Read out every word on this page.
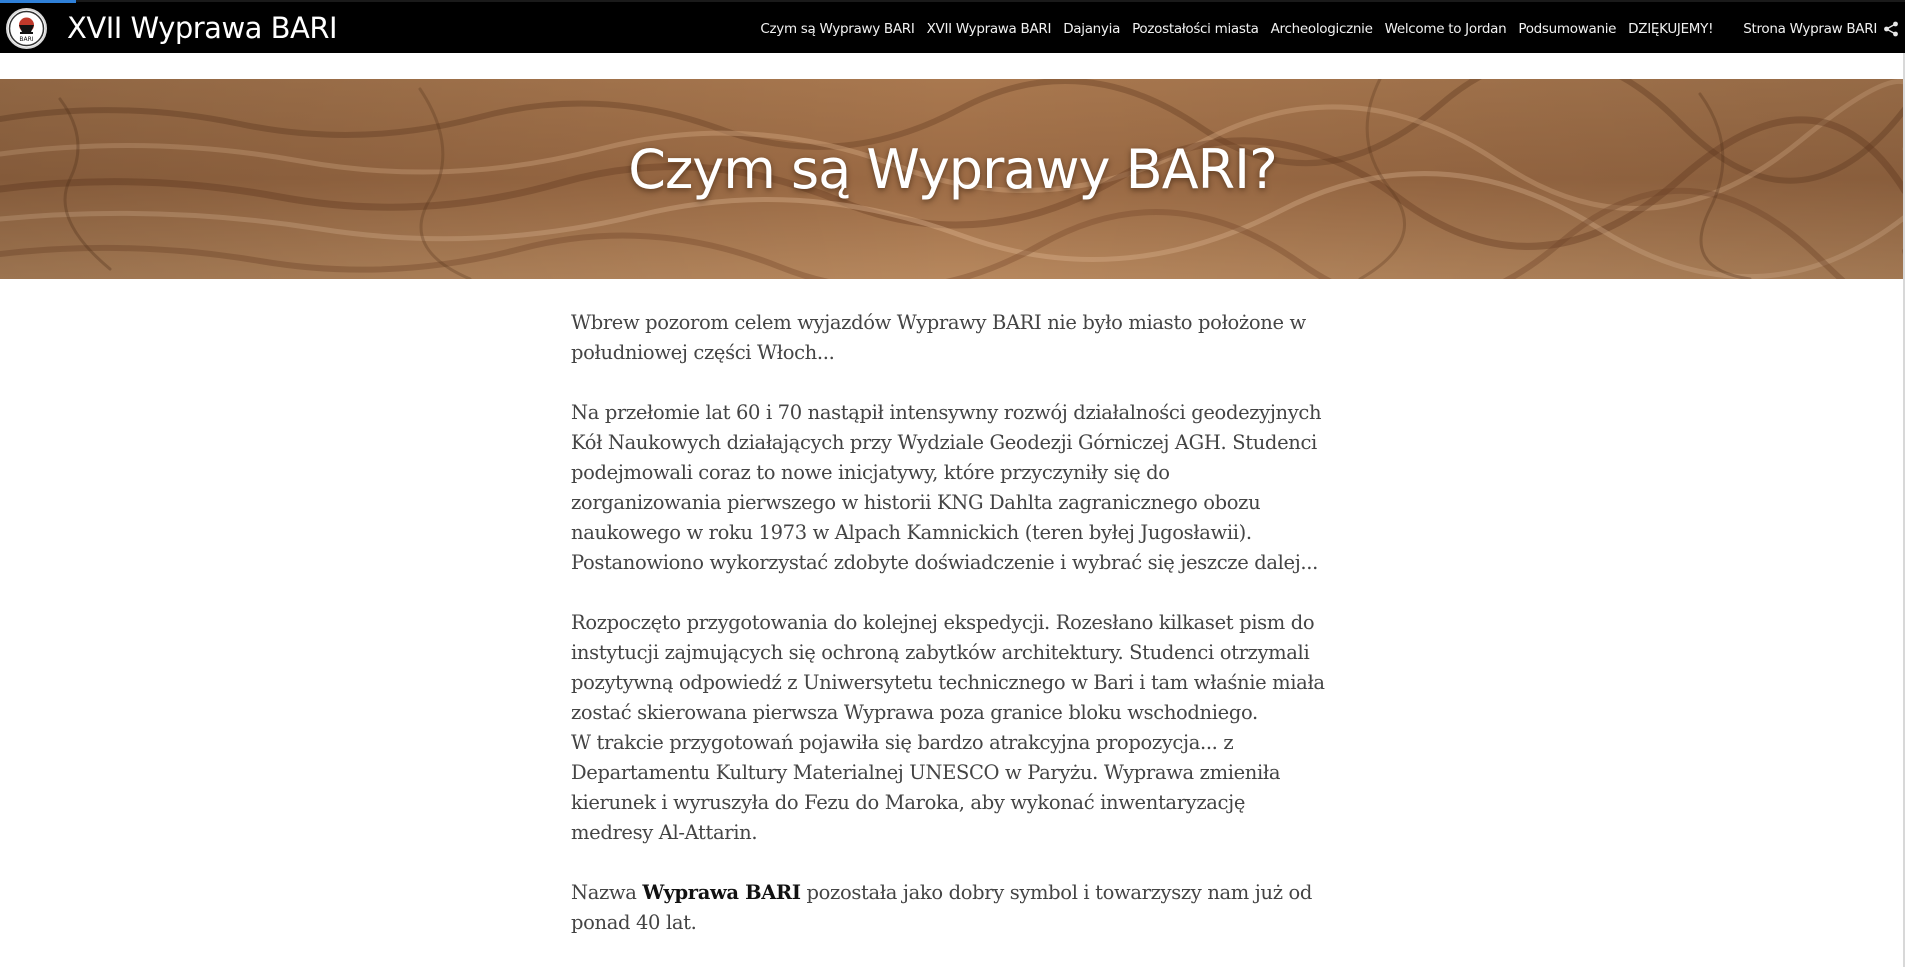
BARI XVII Wyprawa BARI	Czym są Wyprawy BARI XVII Wyprawa BARI Dajanyia Pozostałości miasta Archeologicznie Welcome to Jordan Podsumowanie DZIĘKUJEMY! Strona Wypraw BARI
Czym są Wyprawy BARI?

Wbrew pozorom celem wyjazdów Wyprawy BARI nie było miasto położone w
południowej części Włoch...

Na przełomie lat 60 i 70 nastąpił intensywny rozwój działalności geodezyjnych
Kół Naukowych działających przy Wydziale Geodezji Górniczej AGH. Studenci
podejmowali coraz to nowe inicjatywy, które przyczyniły się do
zorganizowania pierwszego w historii KNG Dahlta zagranicznego obozu
naukowego w roku 1973 w Alpach Kamnickich (teren byłej Jugosławii).
Postanowiono wykorzystać zdobyte doświadczenie i wybrać się jeszcze dalej...

Rozpoczęto przygotowania do kolejnej ekspedycji. Rozesłano kilkaset pism do
instytucji zajmujących się ochroną zabytków architektury. Studenci otrzymali
pozytywną odpowiedź z Uniwersytetu technicznego w Bari i tam właśnie miała
zostać skierowana pierwsza Wyprawa poza granice bloku wschodniego.
W trakcie przygotowań pojawiła się bardzo atrakcyjna propozycja... z
Departamentu Kultury Materialnej UNESCO w Paryżu. Wyprawa zmieniła
kierunek i wyruszyła do Fezu do Maroka, aby wykonać inwentaryzację
medresy Al-Attarin.

Nazwa Wyprawa BARI pozostała jako dobry symbol i towarzyszy nam już od
ponad 40 lat.
